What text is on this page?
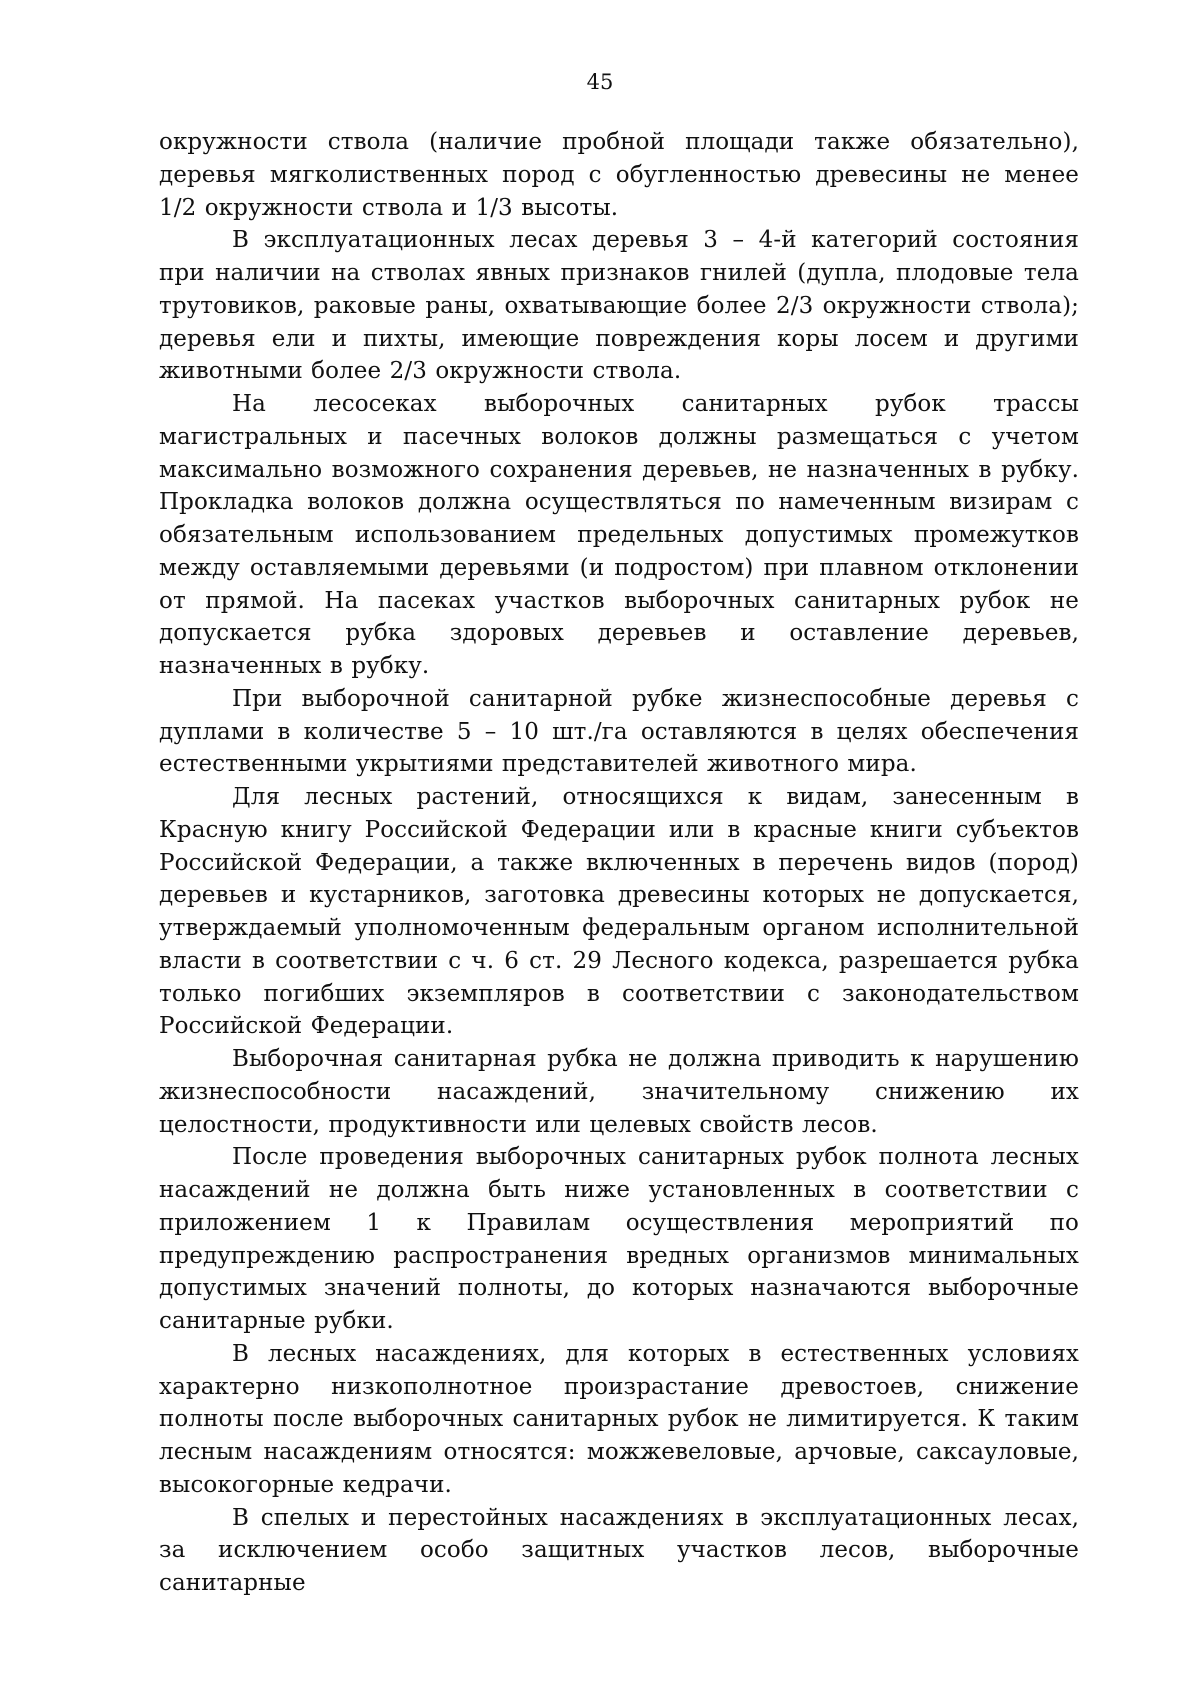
45

окружности ствола (наличие пробной площади также обязательно), деревья мягколиственных пород с обугленностью древесины не менее 1/2 окружности ствола и 1/3 высоты.

В эксплуатационных лесах деревья 3 – 4-й категорий состояния при наличии на стволах явных признаков гнилей (дупла, плодовые тела трутовиков, раковые раны, охватывающие более 2/3 окружности ствола); деревья ели и пихты, имеющие повреждения коры лосем и другими животными более 2/3 окружности ствола.

На лесосеках выборочных санитарных рубок трассы магистральных и пасечных волоков должны размещаться с учетом максимально возможного сохранения деревьев, не назначенных в рубку. Прокладка волоков должна осуществляться по намеченным визирам с обязательным использованием предельных допустимых промежутков между оставляемыми деревьями (и подростом) при плавном отклонении от прямой. На пасеках участков выборочных санитарных рубок не допускается рубка здоровых деревьев и оставление деревьев, назначенных в рубку.

При выборочной санитарной рубке жизнеспособные деревья с дуплами в количестве 5 – 10 шт./га оставляются в целях обеспечения естественными укрытиями представителей животного мира.

Для лесных растений, относящихся к видам, занесенным в Красную книгу Российской Федерации или в красные книги субъектов Российской Федерации, а также включенных в перечень видов (пород) деревьев и кустарников, заготовка древесины которых не допускается, утверждаемый уполномоченным федеральным органом исполнительной власти в соответствии с ч. 6 ст. 29 Лесного кодекса, разрешается рубка только погибших экземпляров в соответствии с законодательством Российской Федерации.

Выборочная санитарная рубка не должна приводить к нарушению жизнеспособности насаждений, значительному снижению их целостности, продуктивности или целевых свойств лесов.

После проведения выборочных санитарных рубок полнота лесных насаждений не должна быть ниже установленных в соответствии с приложением 1 к Правилам осуществления мероприятий по предупреждению распространения вредных организмов минимальных допустимых значений полноты, до которых назначаются выборочные санитарные рубки.

В лесных насаждениях, для которых в естественных условиях характерно низкополнотное произрастание древостоев, снижение полноты после выборочных санитарных рубок не лимитируется. К таким лесным насаждениям относятся: можжевеловые, арчовые, саксауловые, высокогорные кедрачи.

В спелых и перестойных насаждениях в эксплуатационных лесах, за исключением особо защитных участков лесов, выборочные санитарные
